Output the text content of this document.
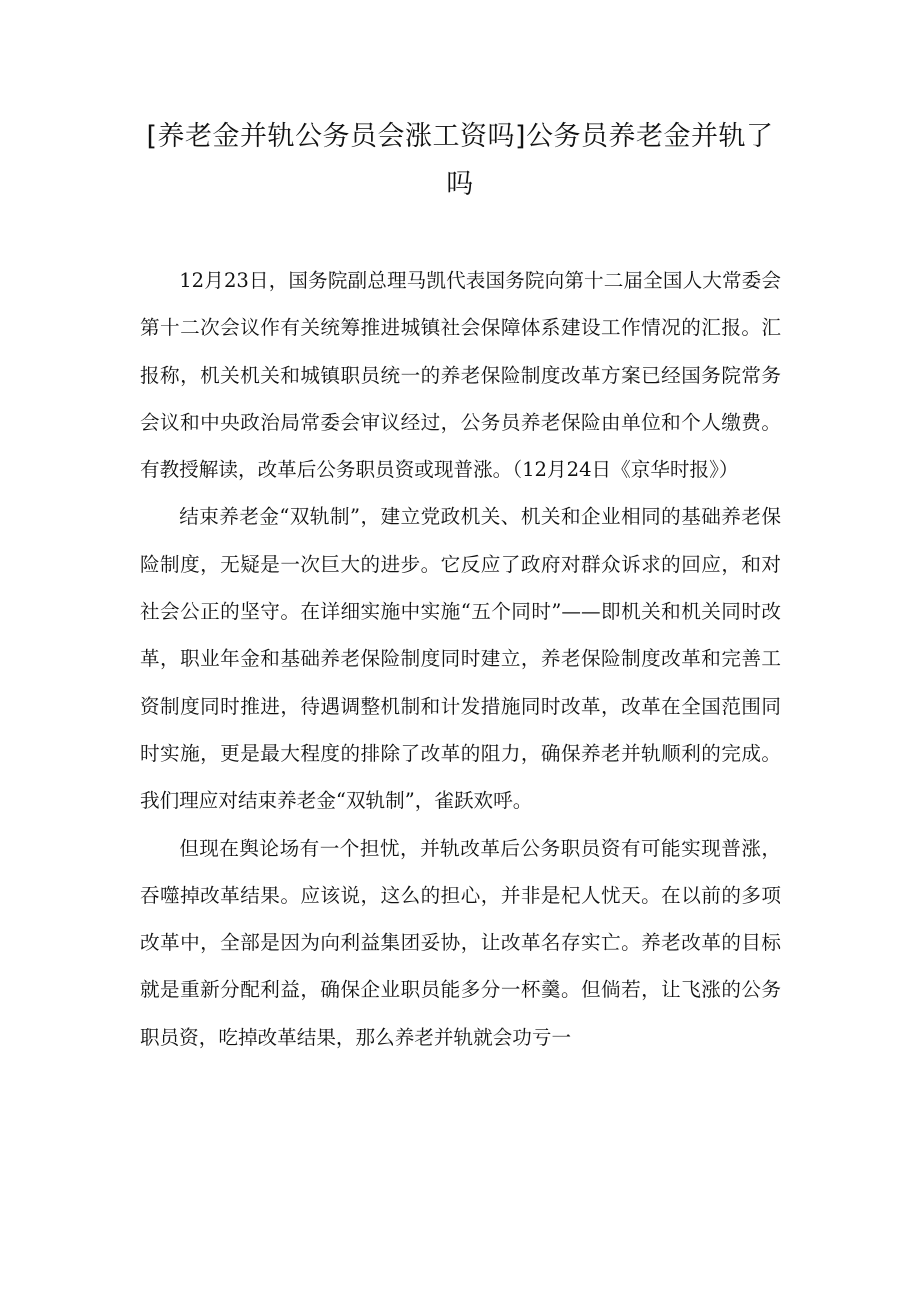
[养老金并轨公务员会涨工资吗]公务员养老金并轨了吗

12月23日，国务院副总理马凯代表国务院向第十二届全国人大常委会第十二次会议作有关统筹推进城镇社会保障体系建设工作情况的汇报。汇报称，机关机关和城镇职员统一的养老保险制度改革方案已经国务院常务会议和中央政治局常委会审议经过，公务员养老保险由单位和个人缴费。有教授解读，改革后公务职员资或现普涨。（12月24日《京华时报》）

结束养老金“双轨制”，建立党政机关、机关和企业相同的基础养老保险制度，无疑是一次巨大的进步。它反应了政府对群众诉求的回应，和对社会公正的坚守。在详细实施中实施“五个同时”——即机关和机关同时改革，职业年金和基础养老保险制度同时建立，养老保险制度改革和完善工资制度同时推进，待遇调整机制和计发措施同时改革，改革在全国范围同时实施，更是最大程度的排除了改革的阻力，确保养老并轨顺利的完成。我们理应对结束养老金“双轨制”，雀跃欢呼。

但现在舆论场有一个担忧，并轨改革后公务职员资有可能实现普涨，吞噬掉改革结果。应该说，这么的担心，并非是杞人忧天。在以前的多项改革中，全部是因为向利益集团妥协，让改革名存实亡。养老改革的目标就是重新分配利益，确保企业职员能多分一杯羹。但倘若，让飞涨的公务职员资，吃掉改革结果，那么养老并轨就会功亏一
